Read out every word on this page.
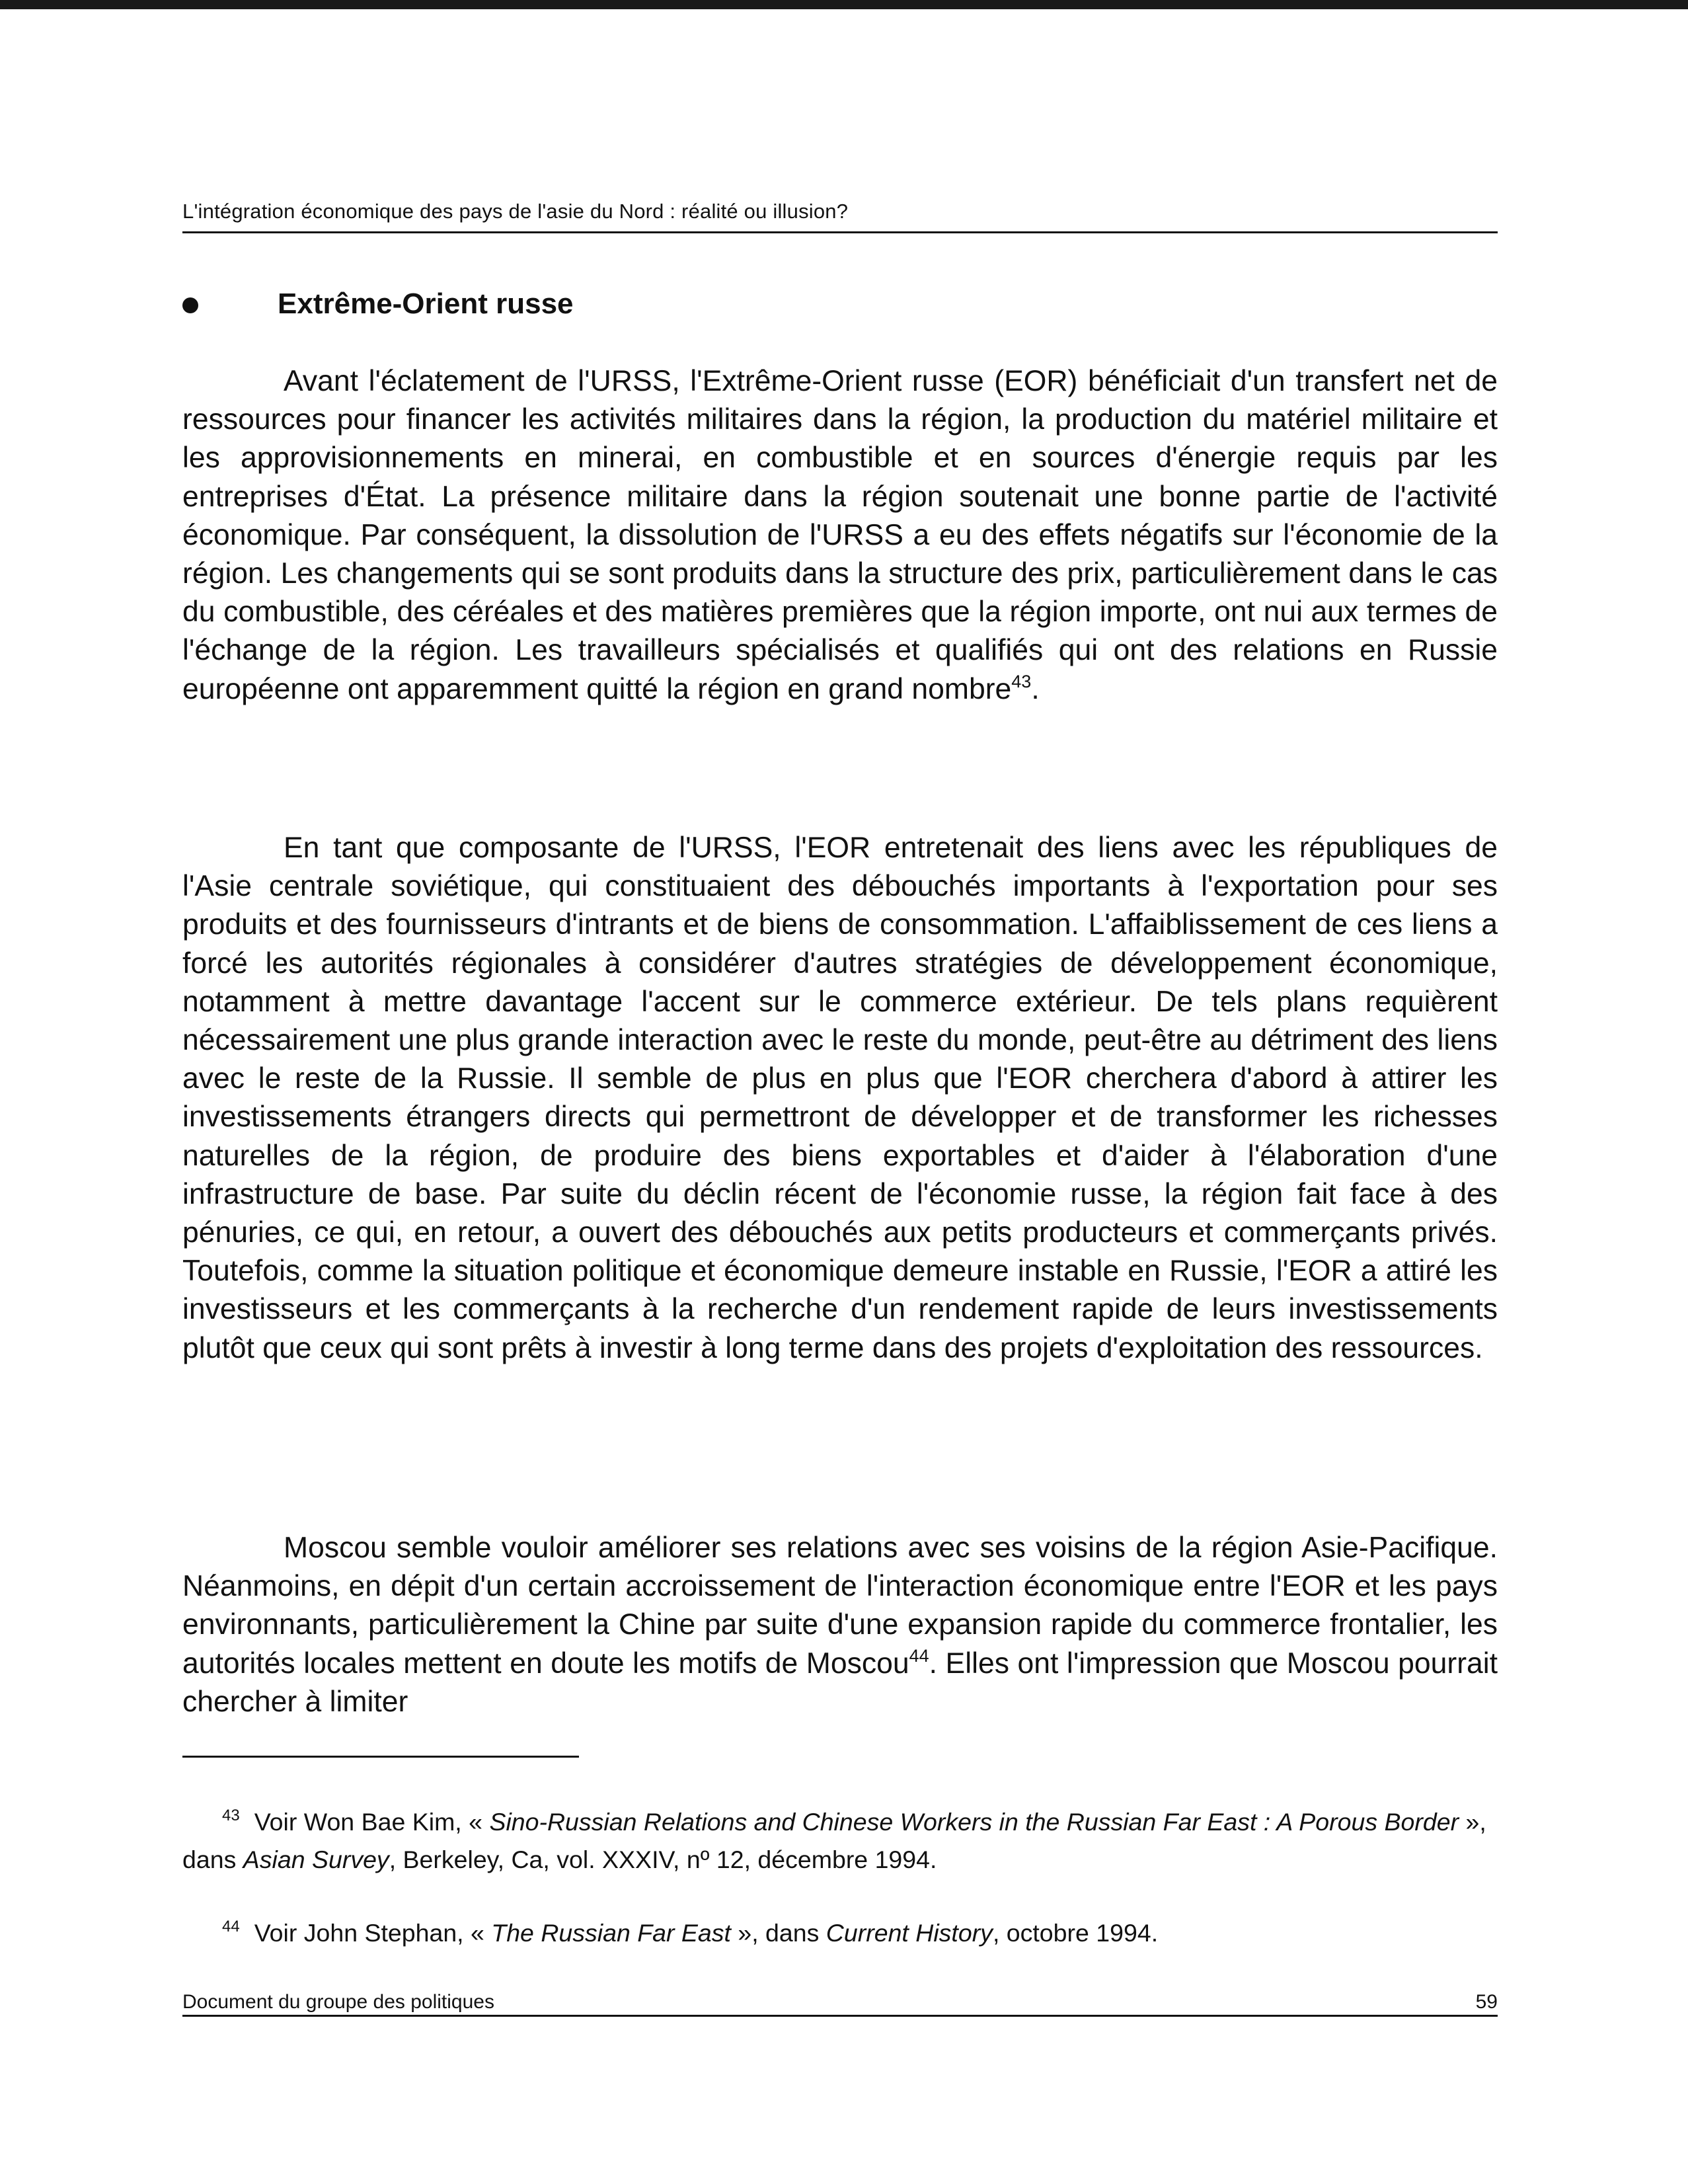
L'intégration économique des pays de l'asie du Nord : réalité ou illusion?
Extrême-Orient russe

Avant l'éclatement de l'URSS, l'Extrême-Orient russe (EOR) bénéficiait d'un transfert net de ressources pour financer les activités militaires dans la région, la production du matériel militaire et les approvisionnements en minerai, en combustible et en sources d'énergie requis par les entreprises d'État. La présence militaire dans la région soutenait une bonne partie de l'activité économique. Par conséquent, la dissolution de l'URSS a eu des effets négatifs sur l'économie de la région. Les changements qui se sont produits dans la structure des prix, particulièrement dans le cas du combustible, des céréales et des matières premières que la région importe, ont nui aux termes de l'échange de la région. Les travailleurs spécialisés et qualifiés qui ont des relations en Russie européenne ont apparemment quitté la région en grand nombre$^{43}$.

En tant que composante de l'URSS, l'EOR entretenait des liens avec les républiques de l'Asie centrale soviétique, qui constituaient des débouchés importants à l'exportation pour ses produits et des fournisseurs d'intrants et de biens de consommation. L'affaiblissement de ces liens a forcé les autorités régionales à considérer d'autres stratégies de développement économique, notamment à mettre davantage l'accent sur le commerce extérieur. De tels plans requièrent nécessairement une plus grande interaction avec le reste du monde, peut-être au détriment des liens avec le reste de la Russie. Il semble de plus en plus que l'EOR cherchera d'abord à attirer les investissements étrangers directs qui permettront de développer et de transformer les richesses naturelles de la région, de produire des biens exportables et d'aider à l'élaboration d'une infrastructure de base. Par suite du déclin récent de l'économie russe, la région fait face à des pénuries, ce qui, en retour, a ouvert des débouchés aux petits producteurs et commerçants privés. Toutefois, comme la situation politique et économique demeure instable en Russie, l'EOR a attiré les investisseurs et les commerçants à la recherche d'un rendement rapide de leurs investissements plutôt que ceux qui sont prêts à investir à long terme dans des projets d'exploitation des ressources.

Moscou semble vouloir améliorer ses relations avec ses voisins de la région Asie-Pacifique. Néanmoins, en dépit d'un certain accroissement de l'interaction économique entre l'EOR et les pays environnants, particulièrement la Chine par suite d'une expansion rapide du commerce frontalier, les autorités locales mettent en doute les motifs de Moscou$^{44}$. Elles ont l'impression que Moscou pourrait chercher à limiter

$^{43}$ Voir Won Bae Kim, « Sino-Russian Relations and Chinese Workers in the Russian Far East : A Porous Border », dans Asian Survey, Berkeley, Ca, vol. XXXIV, nº 12, décembre 1994.
$^{44}$ Voir John Stephan, « The Russian Far East », dans Current History, octobre 1994.
Document du groupe des politiques	59
